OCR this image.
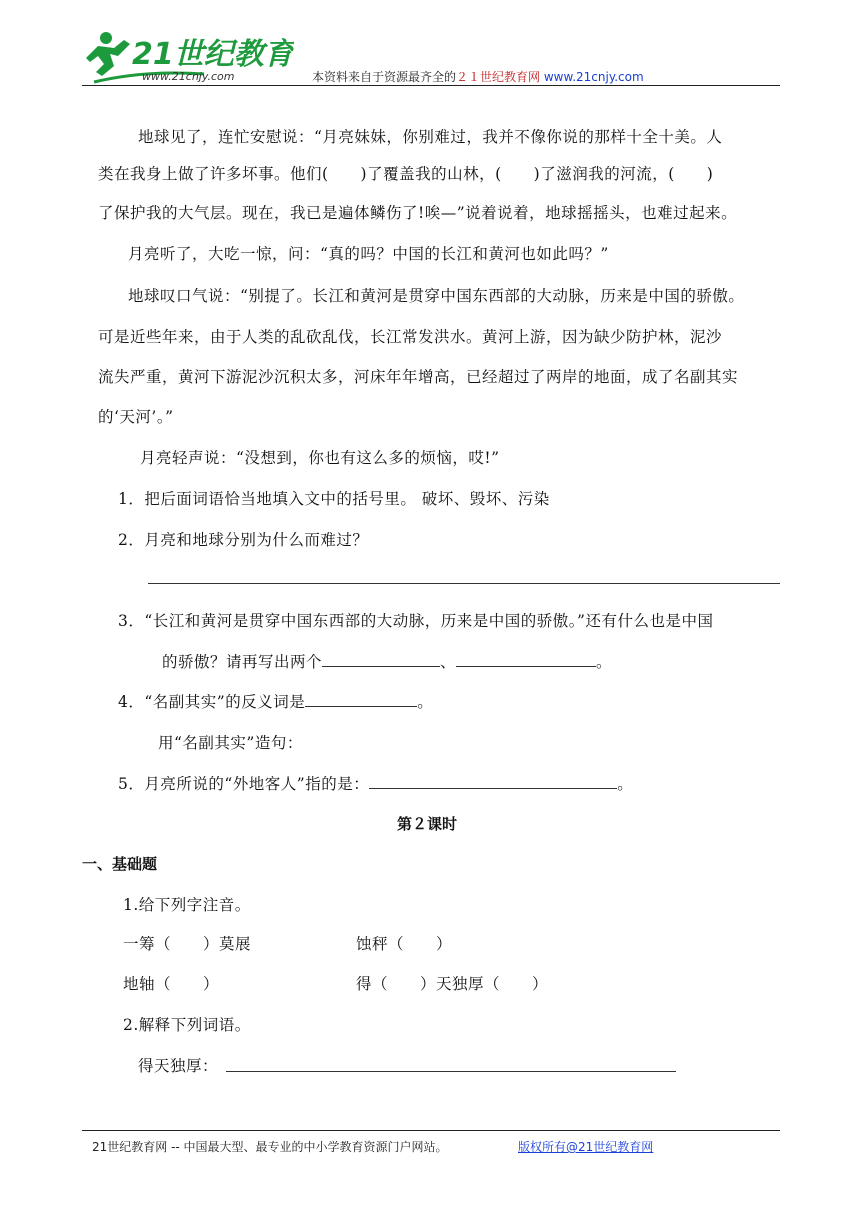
21世纪教育
www.21cnjy.com	本资料来自于资源最齐全的２１世纪教育网 www.21cnjy.com
地球见了，连忙安慰说：“月亮妹妹，你别难过，我并不像你说的那样十全十美。人
类在我身上做了许多坏事。他们(　　)了覆盖我的山林，(　　)了滋润我的河流，(　　)
了保护我的大气层。现在，我已是遍体鳞伤了!唉—”说着说着，地球摇摇头，也难过起来。
月亮听了，大吃一惊，问：“真的吗？中国的长江和黄河也如此吗？”
地球叹口气说：“别提了。长江和黄河是贯穿中国东西部的大动脉，历来是中国的骄傲。
可是近些年来，由于人类的乱砍乱伐，长江常发洪水。黄河上游，因为缺少防护林，泥沙
流失严重，黄河下游泥沙沉积太多，河床年年增高，已经超过了两岸的地面，成了名副其实
的‘天河’。”
月亮轻声说：“没想到，你也有这么多的烦恼，哎!”
1．把后面词语恰当地填入文中的括号里。 破坏、毁坏、污染
2．月亮和地球分别为什么而难过？
3．“长江和黄河是贯穿中国东西部的大动脉，历来是中国的骄傲。”还有什么也是中国
的骄傲？请再写出两个	、	。
4．“名副其实”的反义词是	。
用“名副其实”造句：
5．月亮所说的“外地客人”指的是：	。
第２课时
一、基础题
1.给下列字注音。
一筹（　　）莫展	蚀秤（　　）
地轴（　　）	得（　　）天独厚（　　）
2.解释下列词语。
得天独厚：
21世纪教育网 -- 中国最大型、最专业的中小学教育资源门户网站。	版权所有@21世纪教育网
